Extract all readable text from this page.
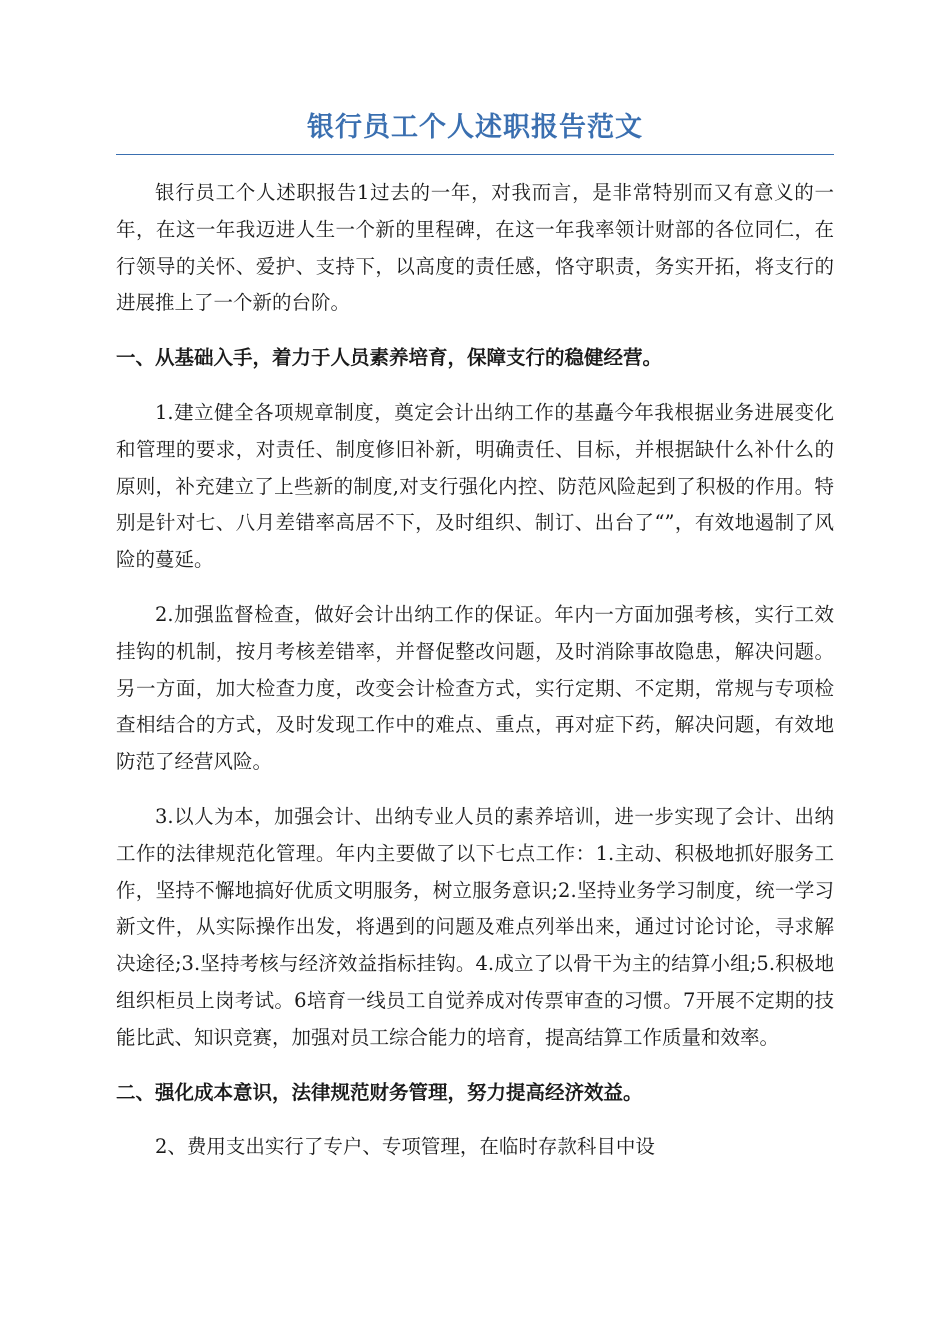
银行员工个人述职报告范文

银行员工个人述职报告1过去的一年，对我而言，是非常特别而又有意义的一年，在这一年我迈进人生一个新的里程碑，在这一年我率领计财部的各位同仁，在行领导的关怀、爱护、支持下，以高度的责任感，恪守职责，务实开拓，将支行的进展推上了一个新的台阶。

一、从基础入手，着力于人员素养培育，保障支行的稳健经营。

1.建立健全各项规章制度，奠定会计出纳工作的基矗今年我根据业务进展变化和管理的要求，对责任、制度修旧补新，明确责任、目标，并根据缺什么补什么的原则，补充建立了上些新的制度,对支行强化内控、防范风险起到了积极的作用。特别是针对七、八月差错率高居不下，及时组织、制订、出台了“”，有效地遏制了风险的蔓延。

2.加强监督检查，做好会计出纳工作的保证。年内一方面加强考核，实行工效挂钩的机制，按月考核差错率，并督促整改问题，及时消除事故隐患，解决问题。另一方面，加大检查力度，改变会计检查方式，实行定期、不定期，常规与专项检查相结合的方式，及时发现工作中的难点、重点，再对症下药，解决问题，有效地防范了经营风险。

3.以人为本，加强会计、出纳专业人员的素养培训，进一步实现了会计、出纳工作的法律规范化管理。年内主要做了以下七点工作：1.主动、积极地抓好服务工作，坚持不懈地搞好优质文明服务，树立服务意识;2.坚持业务学习制度，统一学习新文件，从实际操作出发，将遇到的问题及难点列举出来，通过讨论讨论，寻求解决途径;3.坚持考核与经济效益指标挂钩。4.成立了以骨干为主的结算小组;5.积极地组织柜员上岗考试。6培育一线员工自觉养成对传票审查的习惯。7开展不定期的技能比武、知识竞赛，加强对员工综合能力的培育，提高结算工作质量和效率。

二、强化成本意识，法律规范财务管理，努力提高经济效益。

2、费用支出实行了专户、专项管理，在临时存款科目中设
